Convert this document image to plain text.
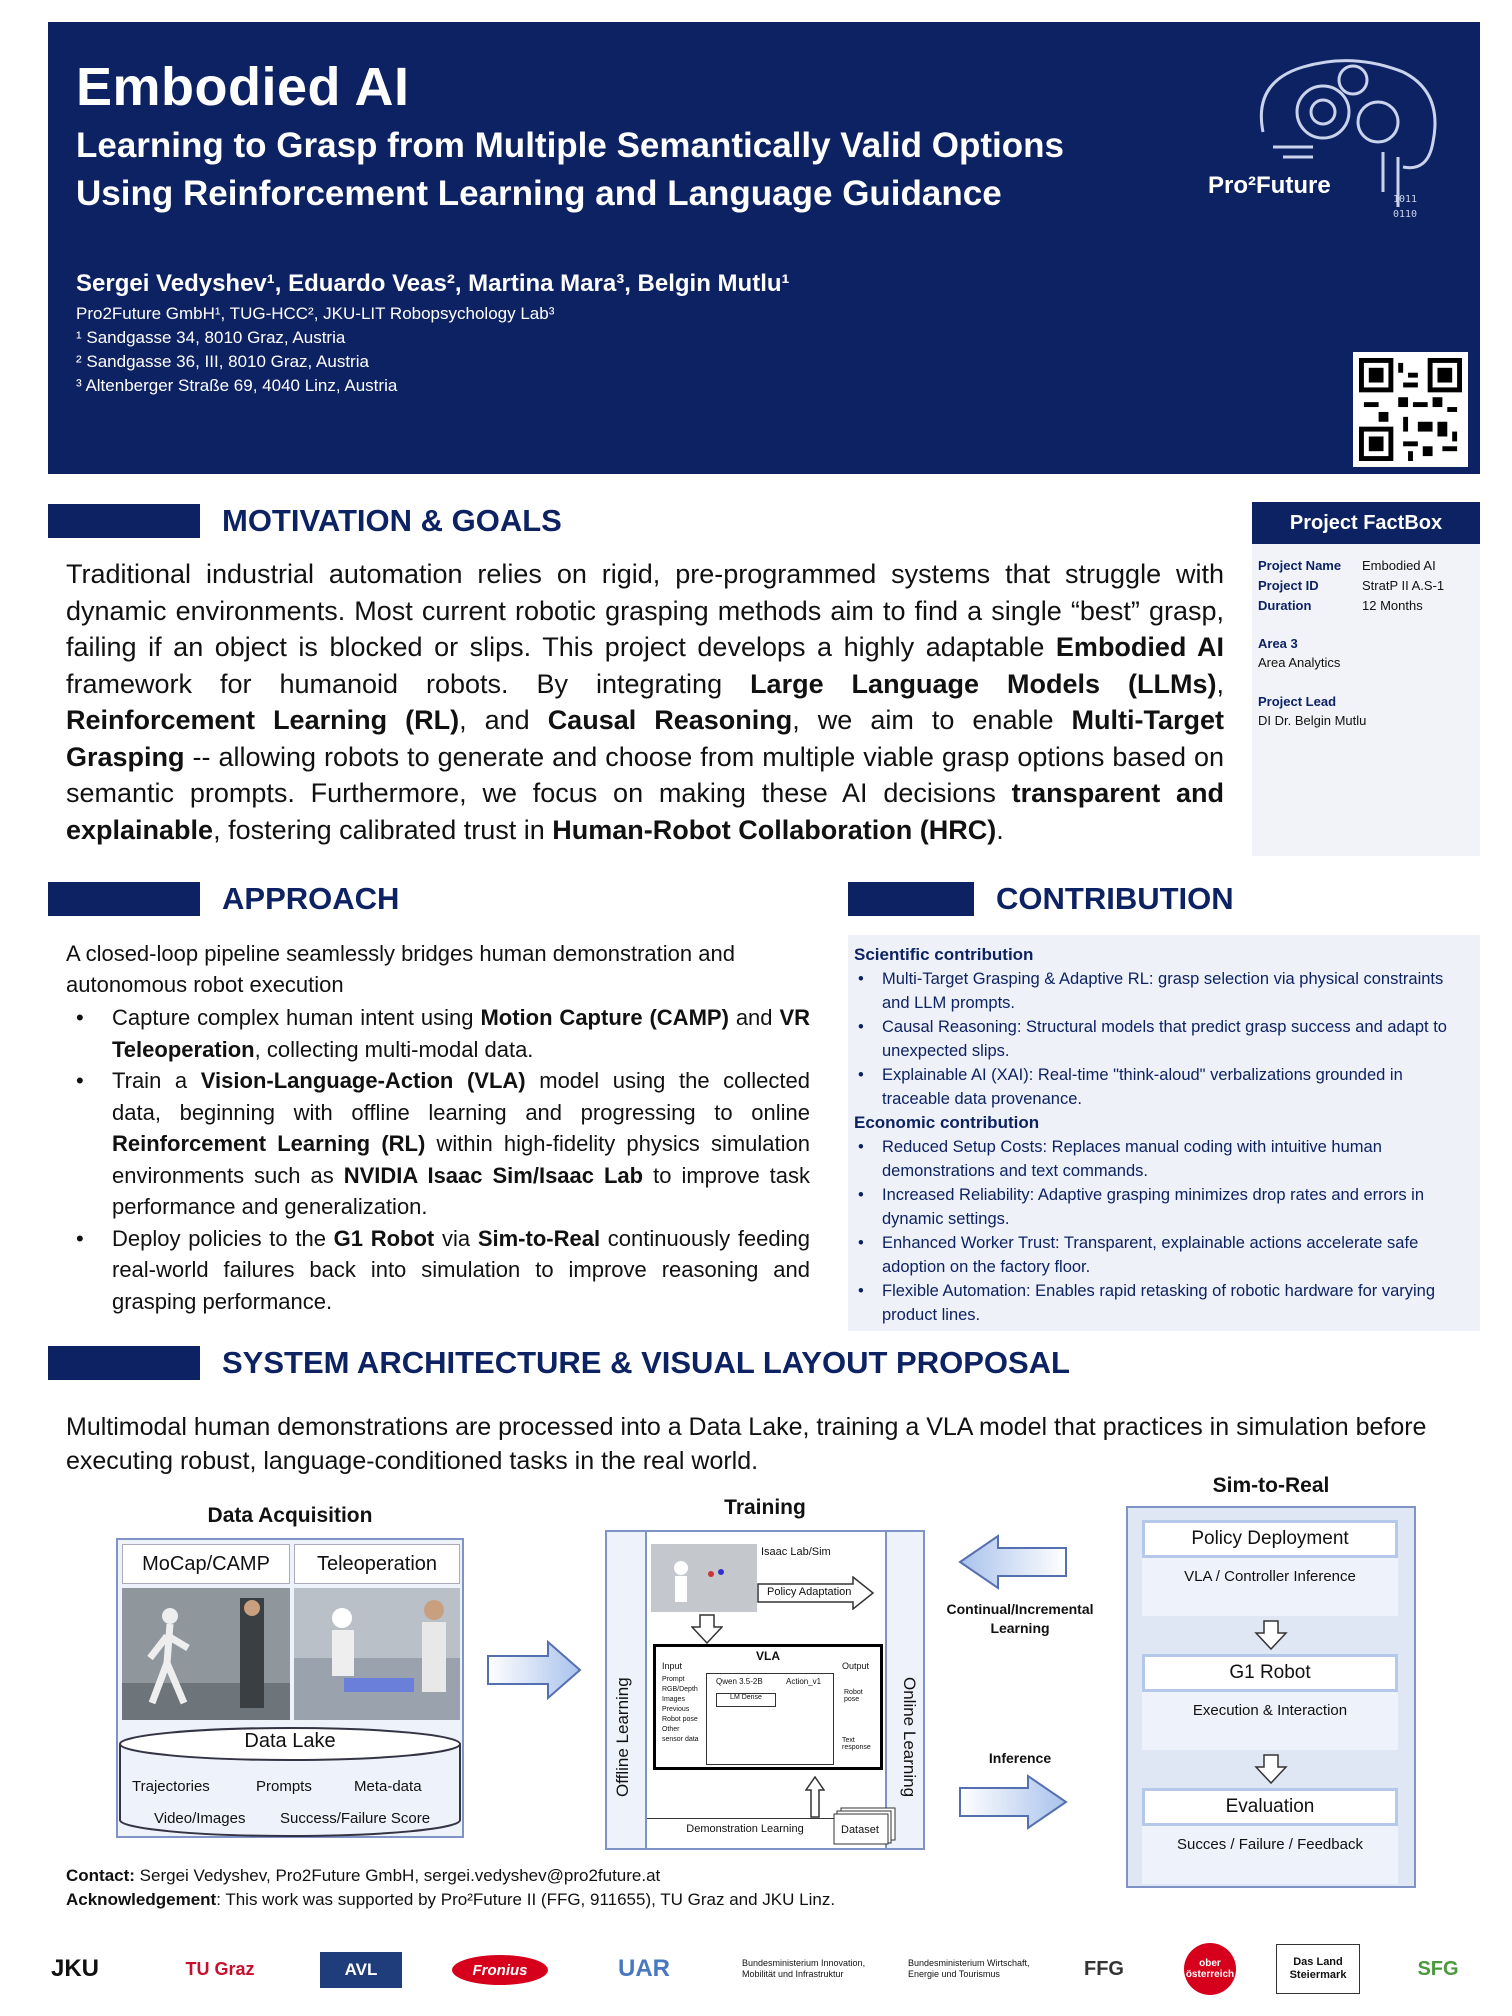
Embodied AI
Learning to Grasp from Multiple Semantically Valid Options
Using Reinforcement Learning and Language Guidance
Sergei Vedyshev¹, Eduardo Veas², Martina Mara³, Belgin Mutlu¹
Pro2Future GmbH¹, TUG-HCC², JKU-LIT Robopsychology Lab³
¹ Sandgasse 34, 8010 Graz, Austria
² Sandgasse 36, III, 8010 Graz, Austria
³ Altenberger Straße 69, 4040 Linz, Austria
1011
0110
Pro²Future
MOTIVATION & GOALS
Traditional industrial automation relies on rigid, pre-programmed systems that struggle with dynamic environments. Most current robotic grasping methods aim to find a single “best” grasp, failing if an object is blocked or slips. This project develops a highly adaptable Embodied AI framework for humanoid robots. By integrating Large Language Models (LLMs), Reinforcement Learning (RL), and Causal Reasoning, we aim to enable Multi-Target Grasping -- allowing robots to generate and choose from multiple viable grasp options based on semantic prompts. Furthermore, we focus on making these AI decisions transparent and explainable, fostering calibrated trust in Human-Robot Collaboration (HRC).
Project FactBox
Project Name Embodied AI
Project ID	StratP II A.S-1
Duration	12 Months
Area 3
Area Analytics
Project Lead
DI Dr. Belgin Mutlu
APPROACH
A closed-loop pipeline seamlessly bridges human demonstration and autonomous robot execution
• Capture complex human intent using Motion Capture (CAMP) and VR Teleoperation, collecting multi-modal data.
• Train a Vision-Language-Action (VLA) model using the collected data, beginning with offline learning and progressing to online Reinforcement Learning (RL) within high-fidelity physics simulation environments such as NVIDIA Isaac Sim/Isaac Lab to improve task performance and generalization.
• Deploy policies to the G1 Robot via Sim-to-Real continuously feeding real-world failures back into simulation to improve reasoning and grasping performance.
CONTRIBUTION
Scientific contribution
• Multi-Target Grasping & Adaptive RL: grasp selection via physical constraints and LLM prompts.
• Causal Reasoning: Structural models that predict grasp success and adapt to unexpected slips.
• Explainable AI (XAI): Real-time "think-aloud" verbalizations grounded in traceable data provenance.
Economic contribution
• Reduced Setup Costs: Replaces manual coding with intuitive human demonstrations and text commands.
• Increased Reliability: Adaptive grasping minimizes drop rates and errors in dynamic settings.
• Enhanced Worker Trust: Transparent, explainable actions accelerate safe adoption on the factory floor.
• Flexible Automation: Enables rapid retasking of robotic hardware for varying product lines.
SYSTEM ARCHITECTURE & VISUAL LAYOUT PROPOSAL
Multimodal human demonstrations are processed into a Data Lake, training a VLA model that practices in simulation before executing robust, language-conditioned tasks in the real world.
Data Acquisition
MoCap/CAMP	Teleoperation
Data Lake
Trajectories	Prompts	Meta-data
Video/Images Success/Failure Score
Training
Offline Learning	Online Learning
Isaac Lab/Sim
Policy Adaptation
VLA
Input	Output
Prompt
RGB/Depth Images
Previous Robot pose
Other sensor data
Qwen 3.5-2B	Action_v1
LM Dense
Robot pose
Text response
Demonstration Learning	Dataset
Continual/Incremental Learning
Inference
Sim-to-Real
Policy Deployment
VLA / Controller Inference
G1 Robot
Execution & Interaction
Evaluation
Succes / Failure / Feedback
Contact: Sergei Vedyshev, Pro2Future GmbH, sergei.vedyshev@pro2future.at
Acknowledgement: This work was supported by Pro²Future II (FFG, 911655), TU Graz and JKU Linz.
JKU	TU Graz	AVL	Fronius	UAR	Bundesministerium Innovation, Mobilität und Infrastruktur
Bundesministerium Wirtschaft, Energie und Tourismus	FFG	ober österreich
Das Land Steiermark	SFG
